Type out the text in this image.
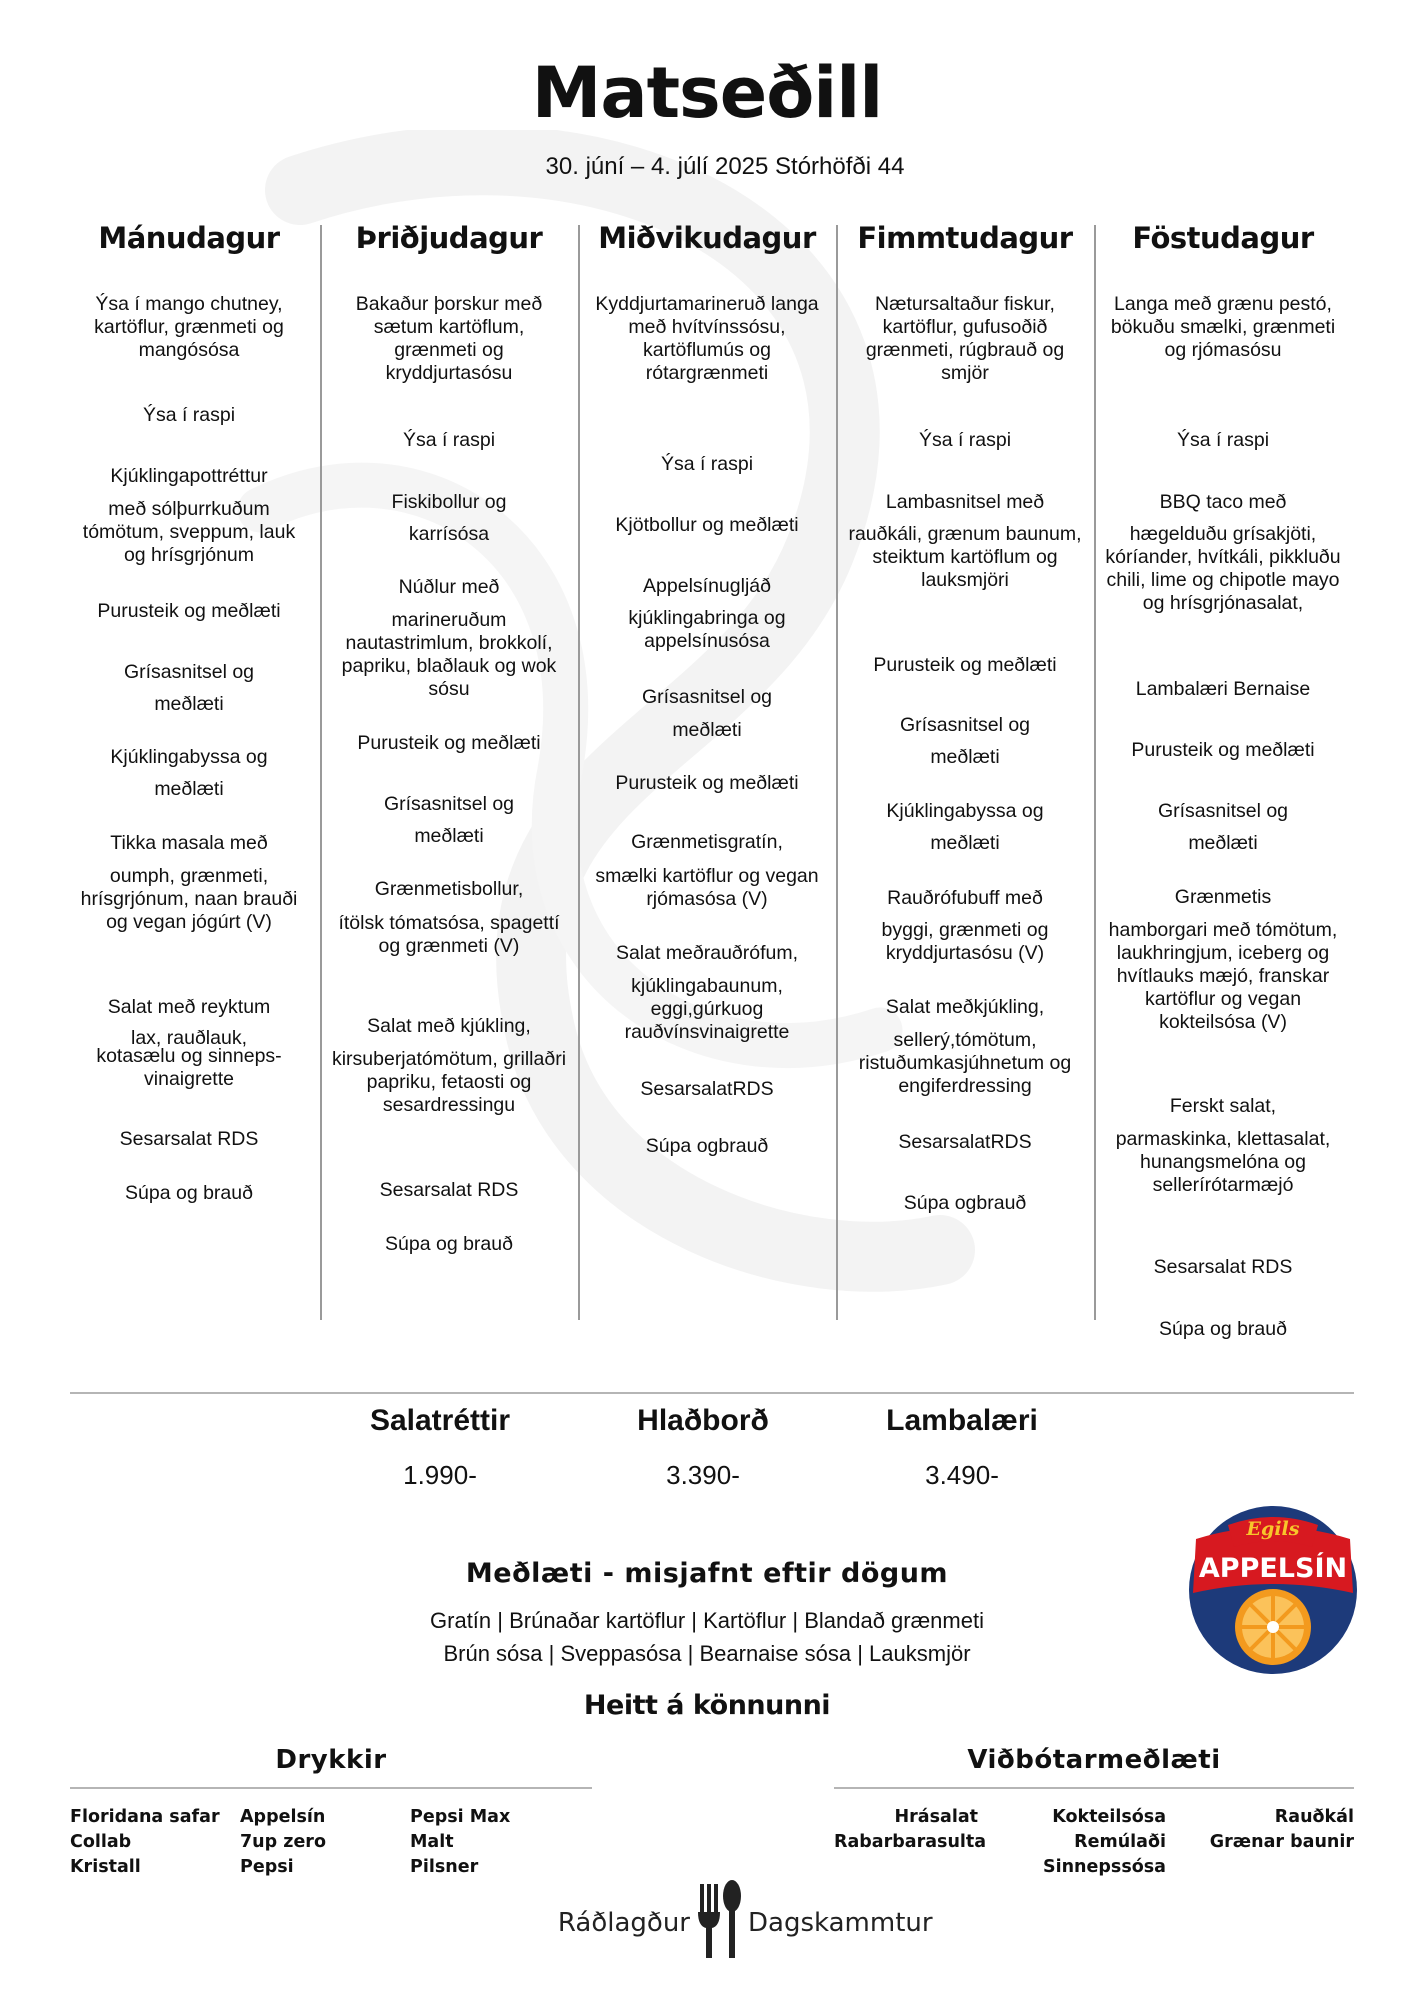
Matseðill
30. júní – 4. júlí 2025 Stórhöfði 44
Mánudagur
Ýsa í mango chutney, kartöflur, grænmeti og mangósósa
Ýsa í raspi
Kjúklingapottréttur
með sólþurrkuðum tómötum, sveppum, lauk og hrísgrjónum
Purusteik og meðlæti
Grísasnitsel og
meðlæti
Kjúklingabyssa og
meðlæti
Tikka masala með
oumph, grænmeti, hrísgrjónum, naan brauði og vegan jógúrt (V)
Salat með reyktum
lax, rauðlauk,
kotasælu og sinneps-vinaigrette
Sesarsalat RDS
Súpa og brauð
Þriðjudagur
Bakaður þorskur með sætum kartöflum, grænmeti og kryddjurtasósu
Ýsa í raspi
Fiskibollur og
karrísósa
Núðlur með
marineruðum nautastrimlum, brokkolí, papriku, blaðlauk og wok sósu
Purusteik og meðlæti
Grísasnitsel og
meðlæti
Grænmetisbollur,
ítölsk tómatsósa, spagettí og grænmeti (V)
Salat með kjúkling,
kirsuberjatómötum, grillaðri papriku, fetaosti og sesardressingu
Sesarsalat RDS
Súpa og brauð
Miðvikudagur
Kyddjurtamarineruð langa með hvítvínssósu, kartöflumús og rótargrænmeti
Ýsa í raspi
Kjötbollur og meðlæti
Appelsínugljáð
kjúklingabringa og appelsínusósa
Grísasnitsel og
meðlæti
Purusteik og meðlæti
Grænmetisgratín,
smælki kartöflur og vegan rjómasósa (V)
Salat meðrauðrófum,
kjúklingabaunum, eggi,gúrkuog rauðvínsvinaigrette
SesarsalatRDS
Súpa ogbrauð
Fimmtudagur
Nætursaltaður fiskur, kartöflur, gufusoðið grænmeti, rúgbrauð og smjör
Ýsa í raspi
Lambasnitsel með
rauðkáli, grænum baunum, steiktum kartöflum og lauksmjöri
Purusteik og meðlæti
Grísasnitsel og
meðlæti
Kjúklingabyssa og
meðlæti
Rauðrófubuff með
byggi, grænmeti og kryddjurtasósu (V)
Salat meðkjúkling,
sellerý,tómötum, ristuðumkasjúhnetum og engiferdressing
SesarsalatRDS
Súpa ogbrauð
Föstudagur
Langa með grænu pestó, bökuðu smælki, grænmeti og rjómasósu
Ýsa í raspi
BBQ taco með
hægelduðu grísakjöti, kóríander, hvítkáli, pikkluðu chili, lime og chipotle mayo og hrísgrjónasalat,
Lambalæri Bernaise
Purusteik og meðlæti
Grísasnitsel og
meðlæti
Grænmetis
hamborgari með tómötum, laukhringjum, iceberg og hvítlauks mæjó, franskar kartöflur og vegan kokteilsósa (V)
Ferskt salat,
parmaskinka, klettasalat, hunangsmelóna og sellerírótarmæjó
Sesarsalat RDS
Súpa og brauð
Salatréttir
1.990-
Hlaðborð
3.390-
Lambalæri
3.490-
Egils
APPELSÍN
Meðlæti - misjafnt eftir dögum
Gratín | Brúnaðar kartöflur | Kartöflur | Blandað grænmeti
Brún sósa | Sveppasósa | Bearnaise sósa | Lauksmjör
Heitt á könnunni
Drykkir
Floridana safar
Collab
Kristall
Appelsín
7up zero
Pepsi
Pepsi Max
Malt
Pilsner
Viðbótarmeðlæti
Hrásalat
Rabarbarasulta
Kokteilsósa
Remúlaði
Sinnepssósa
Rauðkál
Grænar baunir
Ráðlagður Dagskammtur
